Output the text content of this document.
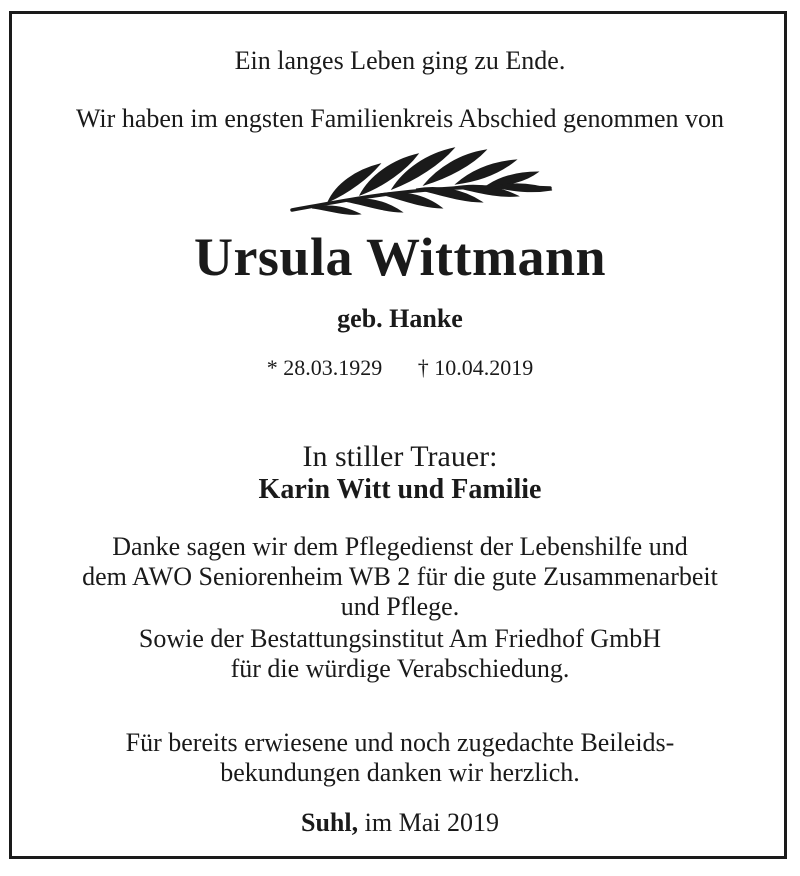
Ein langes Leben ging zu Ende.
Wir haben im engsten Familienkreis Abschied genommen von
Ursula Wittmann
geb. Hanke
* 28.03.1929 † 10.04.2019
In stiller Trauer:
Karin Witt und Familie

Danke sagen wir dem Pflegedienst der Lebenshilfe und

dem AWO Seniorenheim WB 2 für die gute Zusammenarbeit

und Pflege.

Sowie der Bestattungsinstitut Am Friedhof GmbH

für die würdige Verabschiedung.

Für bereits erwiesene und noch zugedachte Beileids-

bekundungen danken wir herzlich.

Suhl, im Mai 2019
